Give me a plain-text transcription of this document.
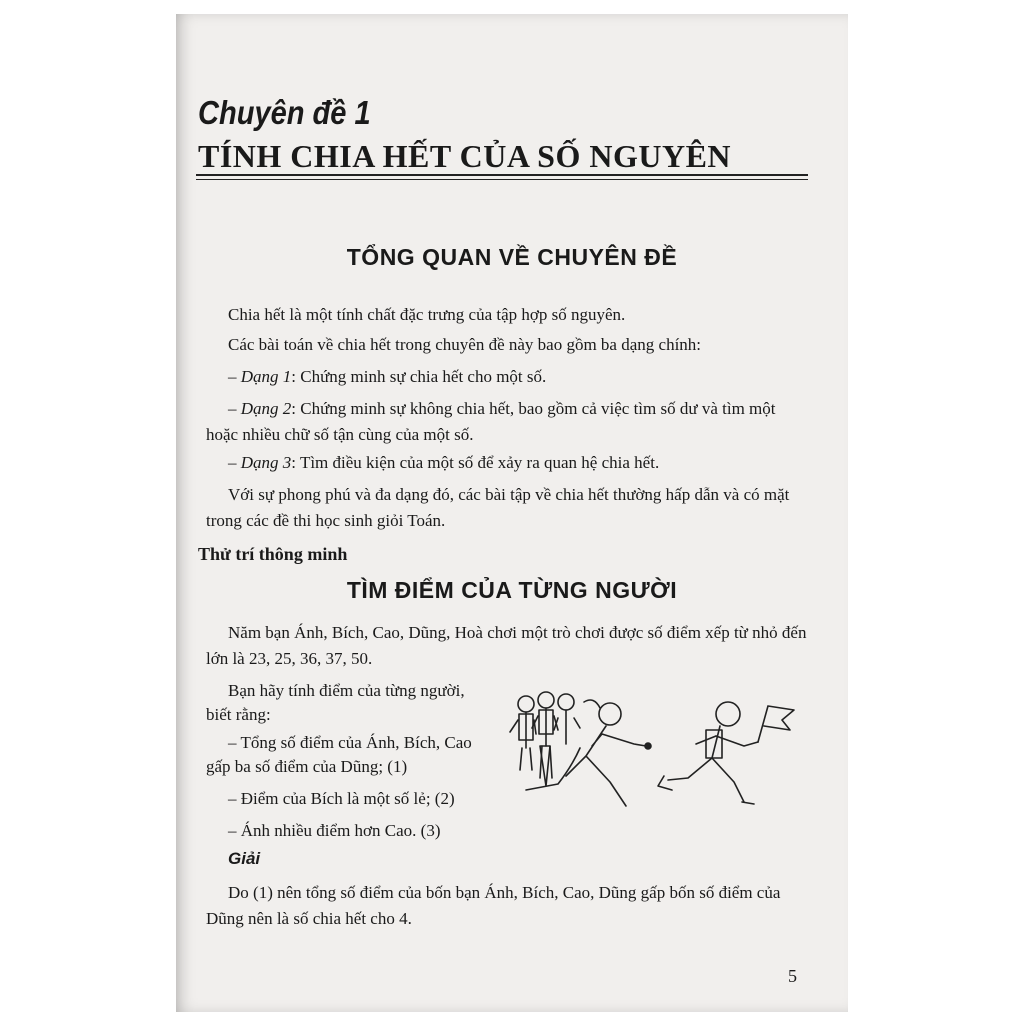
Chuyên đề 1
TÍNH CHIA HẾT CỦA SỐ NGUYÊN
TỔNG QUAN VỀ CHUYÊN ĐỀ

Chia hết là một tính chất đặc trưng của tập hợp số nguyên.

Các bài toán về chia hết trong chuyên đề này bao gồm ba dạng chính:

– Dạng 1: Chứng minh sự chia hết cho một số.

– Dạng 2: Chứng minh sự không chia hết, bao gồm cả việc tìm số dư và tìm một hoặc nhiều chữ số tận cùng của một số.

– Dạng 3: Tìm điều kiện của một số để xảy ra quan hệ chia hết.

Với sự phong phú và đa dạng đó, các bài tập về chia hết thường hấp dẫn và có mặt trong các đề thi học sinh giỏi Toán.

Thử trí thông minh
TÌM ĐIỂM CỦA TỪNG NGƯỜI

Năm bạn Ánh, Bích, Cao, Dũng, Hoà chơi một trò chơi được số điểm xếp từ nhỏ đến lớn là 23, 25, 36, 37, 50.

Bạn hãy tính điểm của từng người,

biết rằng:

– Tổng số điểm của Ánh, Bích, Cao

gấp ba số điểm của Dũng; (1)

– Điểm của Bích là một số lẻ; (2)

– Ánh nhiều điểm hơn Cao. (3)

Giải

Do (1) nên tổng số điểm của bốn bạn Ánh, Bích, Cao, Dũng gấp bốn số điểm của Dũng nên là số chia hết cho 4.

5
